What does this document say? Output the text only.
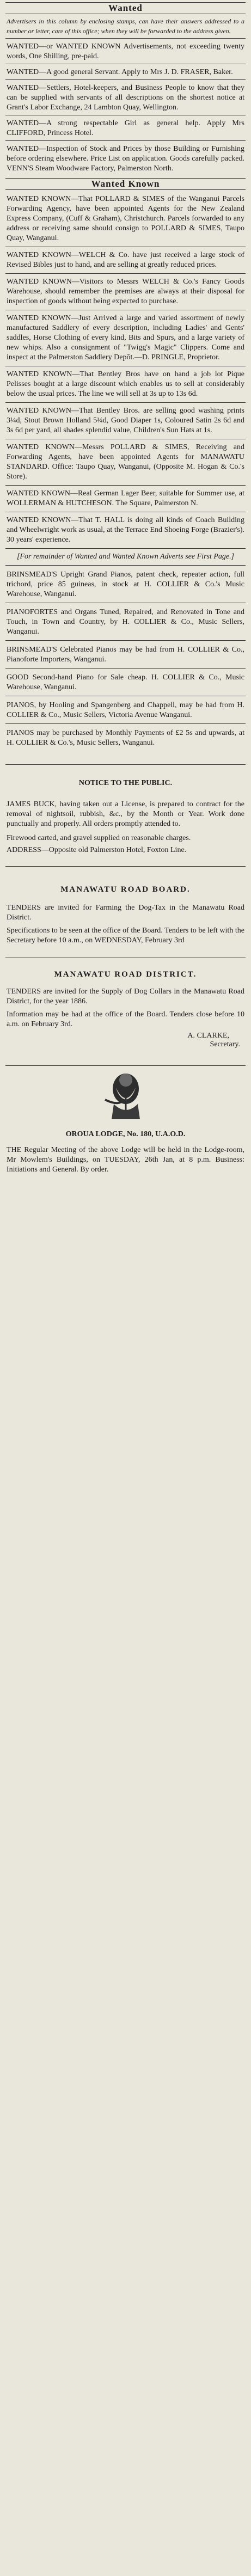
Wanted

Advertisers in this column by enclosing stamps, can have their answers addressed to a number or letter, care of this office; when they will be forwarded to the address given.

WANTED—or WANTED KNOWN Advertisements, not exceeding twenty words, One Shilling, pre-paid.

WANTED—A good general Servant. Apply to Mrs J. D. FRASER, Baker.

WANTED—Settlers, Hotel-keepers, and Business People to know that they can be supplied with servants of all descriptions on the shortest notice at Grant's Labor Exchange, 24 Lambton Quay, Wellington.

WANTED—A strong respectable Girl as general help. Apply Mrs CLIFFORD, Princess Hotel.

WANTED—Inspection of Stock and Prices by those Building or Furnishing before ordering elsewhere. Price List on application. Goods carefully packed. VENN'S Steam Woodware Factory, Palmerston North.

Wanted Known

WANTED KNOWN—That POLLARD & SIMES of the Wanganui Parcels Forwarding Agency, have been appointed Agents for the New Zealand Express Company, (Cuff & Graham), Christchurch. Parcels forwarded to any address or receiving same should consign to POLLARD & SIMES, Taupo Quay, Wanganui.

WANTED KNOWN—WELCH & Co. have just received a large stock of Revised Bibles just to hand, and are selling at greatly reduced prices.

WANTED KNOWN—Visitors to Messrs WELCH & Co.'s Fancy Goods Warehouse, should remember the premises are always at their disposal for inspection of goods without being expected to purchase.

WANTED KNOWN—Just Arrived a large and varied assortment of newly manufactured Saddlery of every description, including Ladies' and Gents' saddles, Horse Clothing of every kind, Bits and Spurs, and a large variety of new whips. Also a consignment of "Twigg's Magic" Clippers. Come and inspect at the Palmerston Saddlery Depôt.—D. PRINGLE, Proprietor.

WANTED KNOWN—That Bentley Bros have on hand a job lot Pique Pelisses bought at a large discount which enables us to sell at considerably below the usual prices. The line we will sell at 3s up to 13s 6d.

WANTED KNOWN—That Bentley Bros. are selling good washing prints 3¼d, Stout Brown Holland 5¼d, Good Diaper 1s, Coloured Satin 2s 6d and 3s 6d per yard, all shades splendid value, Children's Sun Hats at 1s.

WANTED KNOWN—Messrs POLLARD & SIMES, Receiving and Forwarding Agents, have been appointed Agents for MANAWATU STANDARD. Office: Taupo Quay, Wanganui, (Opposite M. Hogan & Co.'s Store).

WANTED KNOWN—Real German Lager Beer, suitable for Summer use, at WOLLERMAN & HUTCHESON. The Square, Palmerston N.

WANTED KNOWN—That T. HALL is doing all kinds of Coach Building and Wheelwright work as usual, at the Terrace End Shoeing Forge (Brazier's). 30 years' experience.

[For remainder of Wanted and Wanted Known Adverts see First Page.]

BRINSMEAD'S Upright Grand Pianos, patent check, repeater action, full trichord, price 85 guineas, in stock at H. COLLIER & Co.'s Music Warehouse, Wanganui.

PIANOFORTES and Organs Tuned, Repaired, and Renovated in Tone and Touch, in Town and Country, by H. COLLIER & Co., Music Sellers, Wanganui.

BRINSMEAD'S Celebrated Pianos may be had from H. COLLIER & Co., Pianoforte Importers, Wanganui.

GOOD Second-hand Piano for Sale cheap. H. COLLIER & Co., Music Warehouse, Wanganui.

PIANOS, by Hooling and Spangenberg and Chappell, may be had from H. COLLIER & Co., Music Sellers, Victoria Avenue Wanganui.

PIANOS may be purchased by Monthly Payments of £2 5s and upwards, at H. COLLIER & Co.'s, Music Sellers, Wanganui.

NOTICE TO THE PUBLIC.

JAMES BUCK, having taken out a License, is prepared to contract for the removal of nightsoil, rubbish, &c., by the Month or Year. Work done punctually and properly. All orders promptly attended to.

Firewood carted, and gravel supplied on reasonable charges.

ADDRESS—Opposite old Palmerston Hotel, Foxton Line.

MANAWATU ROAD BOARD.

TENDERS are invited for Farming the Dog-Tax in the Manawatu Road District.

Specifications to be seen at the office of the Board. Tenders to be left with the Secretary before 10 a.m., on WEDNESDAY, February 3rd

MANAWATU ROAD DISTRICT.

TENDERS are invited for the Supply of Dog Collars in the Manawatu Road District, for the year 1886.

Information may be had at the office of the Board. Tenders close before 10 a.m. on February 3rd.

A. CLARKE,
Secretary.
OROUA LODGE, No. 180, U.A.O.D.

THE Regular Meeting of the above Lodge will be held in the Lodge-room, Mr Mowlem's Buildings, on TUESDAY, 26th Jan, at 8 p.m. Business: Initiations and General. By order.
